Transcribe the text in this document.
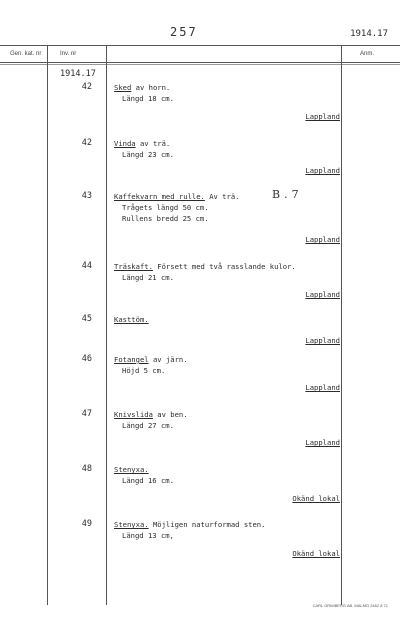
257	1914.17
Gen. kat. nr	Inv. nr	Anm.
1914.17
42	Sked av horn.
Längd 18 cm.
Lappland
42	Vinda av trä.
Längd 23 cm.
Lappland
43	Kaffekvarn med rulle. Av trä.
Trågets längd 50 cm.
Rullens bredd 25 cm.
Lappland
B.7
44	Träskaft. Försett med två rasslande kulor.
Längd 21 cm.
Lappland
45	Kasttöm.
Lappland
46	Fotangel av järn.
Höjd 5 cm.
Lappland
47	Knivslida av ben.
Längd 27 cm.
Lappland
48	Stenyxa.
Längd 16 cm.
Okänd lokal
49	Stenyxa. Möjligen naturformad sten.
Längd 13 cm,
Okänd lokal
CARL GRIMBERG AB. MALMÖ 2462 8 71
